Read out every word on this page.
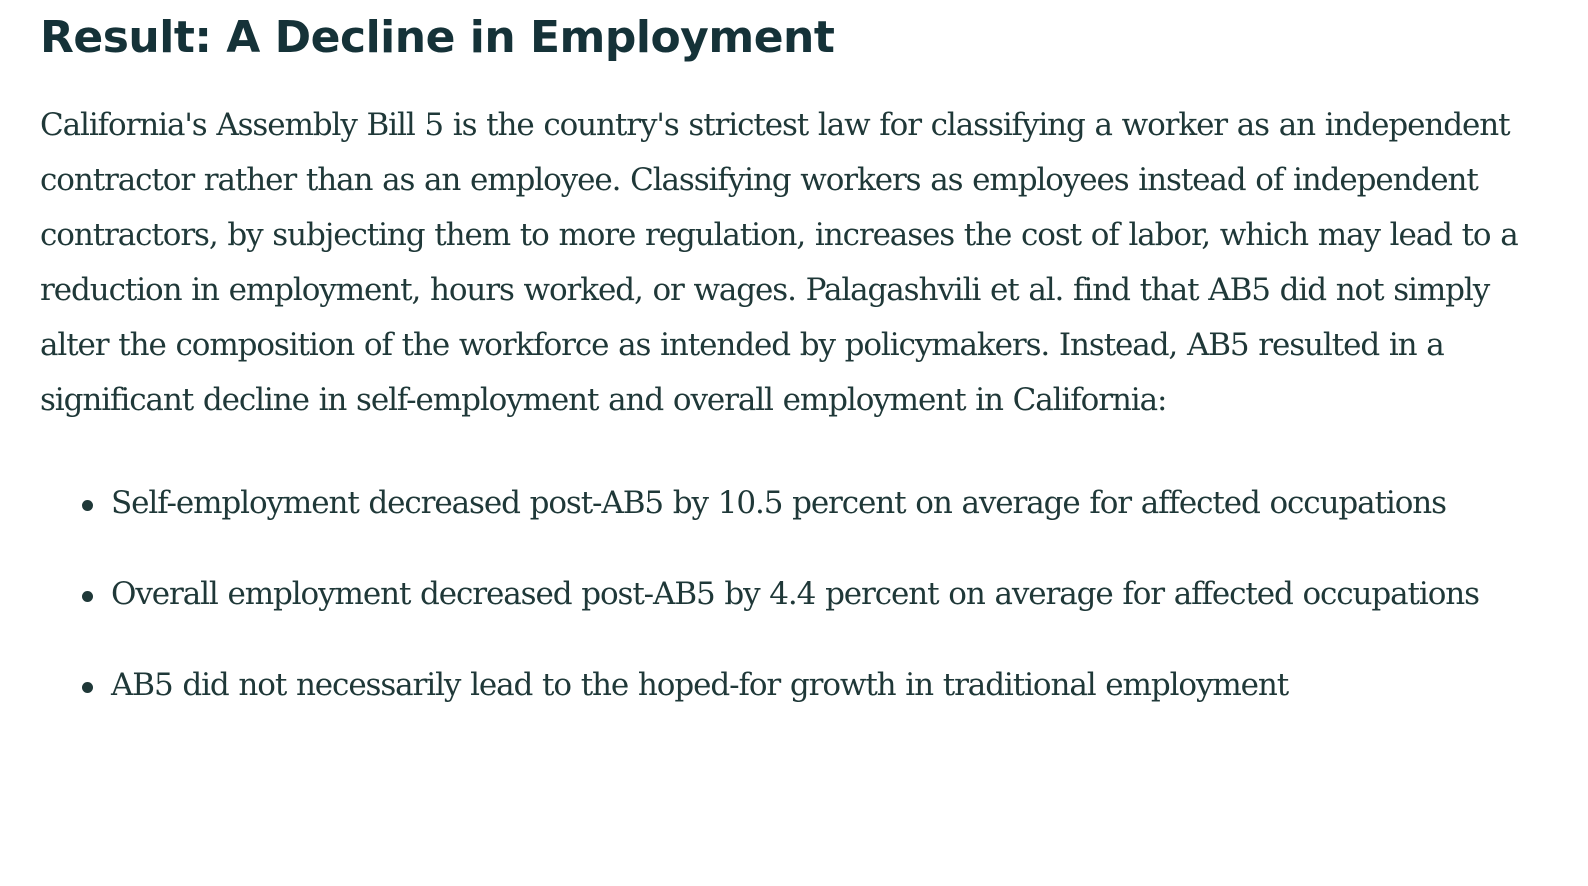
Result: A Decline in Employment

California's Assembly Bill 5 is the country's strictest law for classifying a worker as an independent contractor rather than as an employee. Classifying workers as employees instead of independent contractors, by subjecting them to more regulation, increases the cost of labor, which may lead to a reduction in employment, hours worked, or wages. Palagashvili et al. find that AB5 did not simply alter the composition of the workforce as intended by policymakers. Instead, AB5 resulted in a significant decline in self-employment and overall employment in California:

Self-employment decreased post-AB5 by 10.5 percent on average for affected occupations
Overall employment decreased post-AB5 by 4.4 percent on average for affected occupations
AB5 did not necessarily lead to the hoped-for growth in traditional employment
